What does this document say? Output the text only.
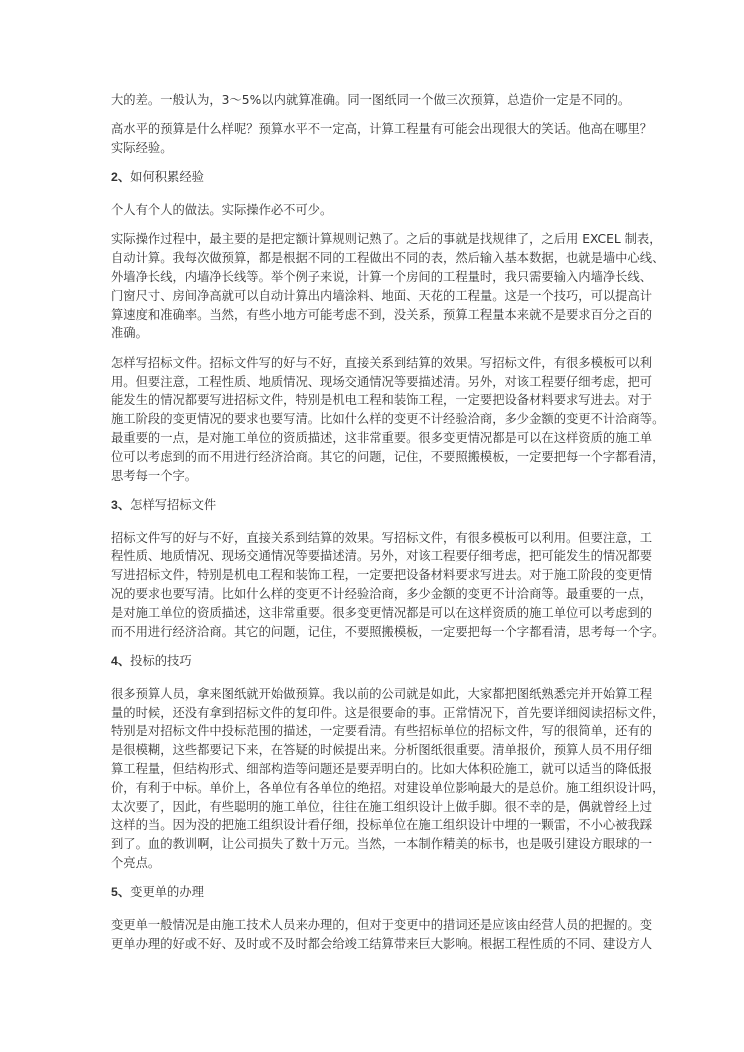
大的差。一般认为，3～5%以内就算准确。同一图纸同一个做三次预算，总造价一定是不同的。
高水平的预算是什么样呢？预算水平不一定高，计算工程量有可能会出现很大的笑话。他高在哪里？
实际经验。
2、如何积累经验
个人有个人的做法。实际操作必不可少。
实际操作过程中，最主要的是把定额计算规则记熟了。之后的事就是找规律了，之后用 EXCEL 制表，
自动计算。我每次做预算，都是根据不同的工程做出不同的表，然后输入基本数据，也就是墙中心线、
外墙净长线，内墙净长线等。举个例子来说，计算一个房间的工程量时，我只需要输入内墙净长线、
门窗尺寸、房间净高就可以自动计算出内墙涂料、地面、天花的工程量。这是一个技巧，可以提高计
算速度和准确率。当然，有些小地方可能考虑不到，没关系，预算工程量本来就不是要求百分之百的
准确。
怎样写招标文件。招标文件写的好与不好，直接关系到结算的效果。写招标文件，有很多模板可以利
用。但要注意，工程性质、地质情况、现场交通情况等要描述清。另外，对该工程要仔细考虑，把可
能发生的情况都要写进招标文件，特别是机电工程和装饰工程，一定要把设备材料要求写进去。对于
施工阶段的变更情况的要求也要写清。比如什么样的变更不计经验洽商，多少金额的变更不计洽商等。
最重要的一点，是对施工单位的资质描述，这非常重要。很多变更情况都是可以在这样资质的施工单
位可以考虑到的而不用进行经济洽商。其它的问题，记住，不要照搬模板，一定要把每一个字都看清，
思考每一个字。
3、怎样写招标文件
招标文件写的好与不好，直接关系到结算的效果。写招标文件，有很多模板可以利用。但要注意，工
程性质、地质情况、现场交通情况等要描述清。另外，对该工程要仔细考虑，把可能发生的情况都要
写进招标文件，特别是机电工程和装饰工程，一定要把设备材料要求写进去。对于施工阶段的变更情
况的要求也要写清。比如什么样的变更不计经验洽商，多少金额的变更不计洽商等。最重要的一点，
是对施工单位的资质描述，这非常重要。很多变更情况都是可以在这样资质的施工单位可以考虑到的
而不用进行经济洽商。其它的问题，记住，不要照搬模板，一定要把每一个字都看清，思考每一个字。
4、投标的技巧
很多预算人员，拿来图纸就开始做预算。我以前的公司就是如此，大家都把图纸熟悉完并开始算工程
量的时候，还没有拿到招标文件的复印件。这是很要命的事。正常情况下，首先要详细阅读招标文件，
特别是对招标文件中投标范围的描述，一定要看清。有些招标单位的招标文件，写的很简单，还有的
是很模糊，这些都要记下来，在答疑的时候提出来。分析图纸很重要。清单报价，预算人员不用仔细
算工程量，但结构形式、细部构造等问题还是要弄明白的。比如大体积砼施工，就可以适当的降低报
价，有利于中标。单价上，各单位有各单位的绝招。对建设单位影响最大的是总价。施工组织设计吗，
太次要了，因此，有些聪明的施工单位，往往在施工组织设计上做手脚。很不幸的是，偶就曾经上过
这样的当。因为没的把施工组织设计看仔细，投标单位在施工组织设计中埋的一颗雷，不小心被我踩
到了。血的教训啊，让公司损失了数十万元。当然，一本制作精美的标书，也是吸引建设方眼球的一
个亮点。
5、变更单的办理
变更单一般情况是由施工技术人员来办理的，但对于变更中的措词还是应该由经营人员的把握的。变
更单办理的好或不好、及时或不及时都会给竣工结算带来巨大影响。根据工程性质的不同、建设方人
